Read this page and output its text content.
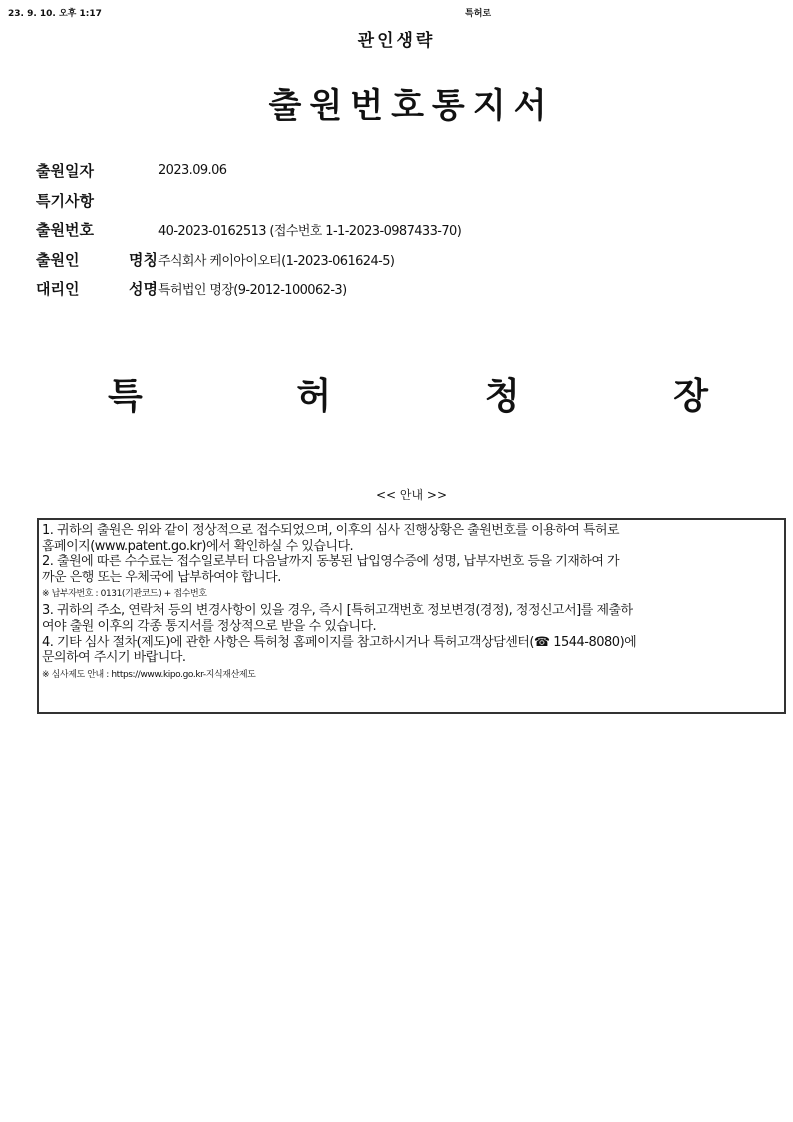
23. 9. 10. 오후 1:17	특허로
관인생략
출원번호통지서
출원일자	2023.09.06
특기사항
출원번호	40-2023-0162513 (접수번호 1-1-2023-0987433-70)
출원인 명칭 주식회사 케이아이오티(1-2023-061624-5)
대리인 성명 특허법인 명장(9-2012-100062-3)
특	허	청	장
<< 안내 >>
1. 귀하의 출원은 위와 같이 정상적으로 접수되었으며, 이후의 심사 진행상황은 출원번호를 이용하여 특허로
홈페이지(www.patent.go.kr)에서 확인하실 수 있습니다.
2. 출원에 따른 수수료는 접수일로부터 다음날까지 동봉된 납입영수증에 성명, 납부자번호 등을 기재하여 가
까운 은행 또는 우체국에 납부하여야 합니다.
※ 납부자번호 : 0131(기관코드) + 접수번호
3. 귀하의 주소, 연락처 등의 변경사항이 있을 경우, 즉시 [특허고객번호 정보변경(경정), 정정신고서]를 제출하
여야 출원 이후의 각종 통지서를 정상적으로 받을 수 있습니다.
4. 기타 심사 절차(제도)에 관한 사항은 특허청 홈페이지를 참고하시거나 특허고객상담센터(☎ 1544-8080)에
문의하여 주시기 바랍니다.
※ 심사제도 안내 : https://www.kipo.go.kr-지식재산제도
